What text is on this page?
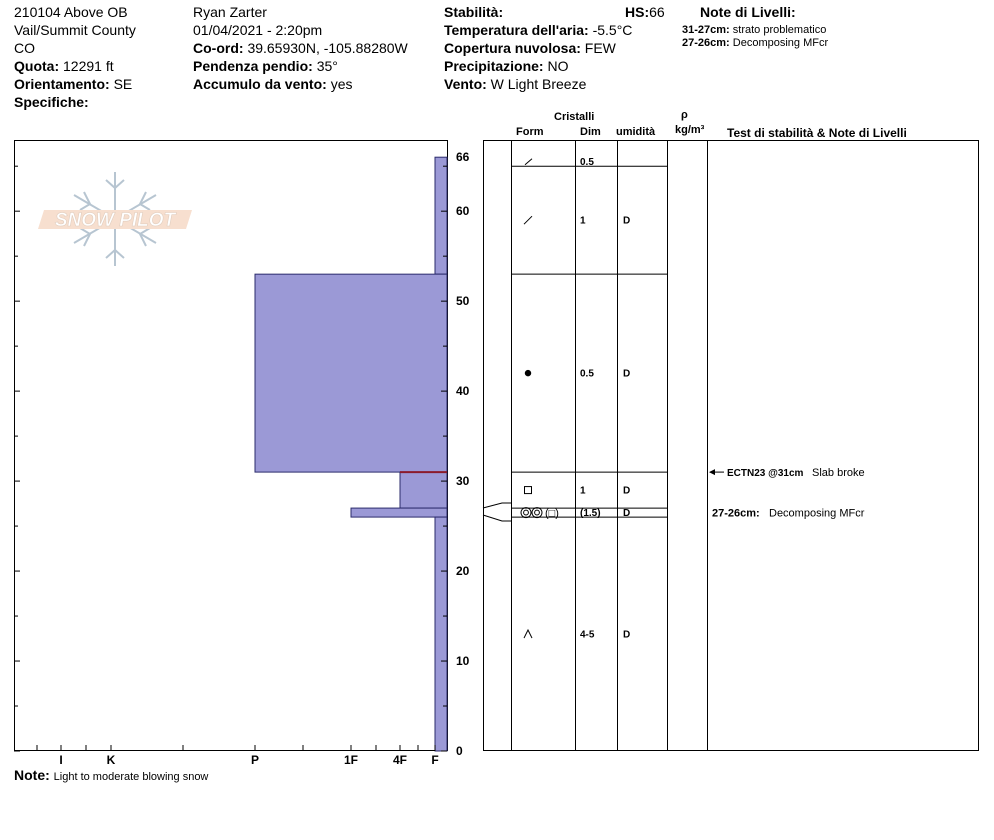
210104 Above OB
Vail/Summit County
CO
Quota: 12291 ft
Orientamento: SE
Specifiche:
Ryan Zarter
01/04/2021 - 2:20pm
Co-ord: 39.65930N, -105.88280W
Pendenza pendio: 35°
Accumulo da vento: yes
Stabilità:	HS:66
Temperatura dell'aria: -5.5°C
Copertura nuvolosa: FEW
Precipitazione: NO
Vento: W Light Breeze
Note di Livelli:
31-27cm: strato problematico
27-26cm: Decomposing MFcr
Cristalli
Form	Dim umidità
ρ
kg/m³ Test di stabilità & Note di Livelli
SNOW PILOT
0
10
20
30
40
50
60
66
I	K	P	1F	4F F
0.5
1	D
0.5	D
1	D
(□) (1.5) D
4-5	D
ECTN23 @31cm Slab broke
27-26cm: Decomposing MFcr
Note: Light to moderate blowing snow
